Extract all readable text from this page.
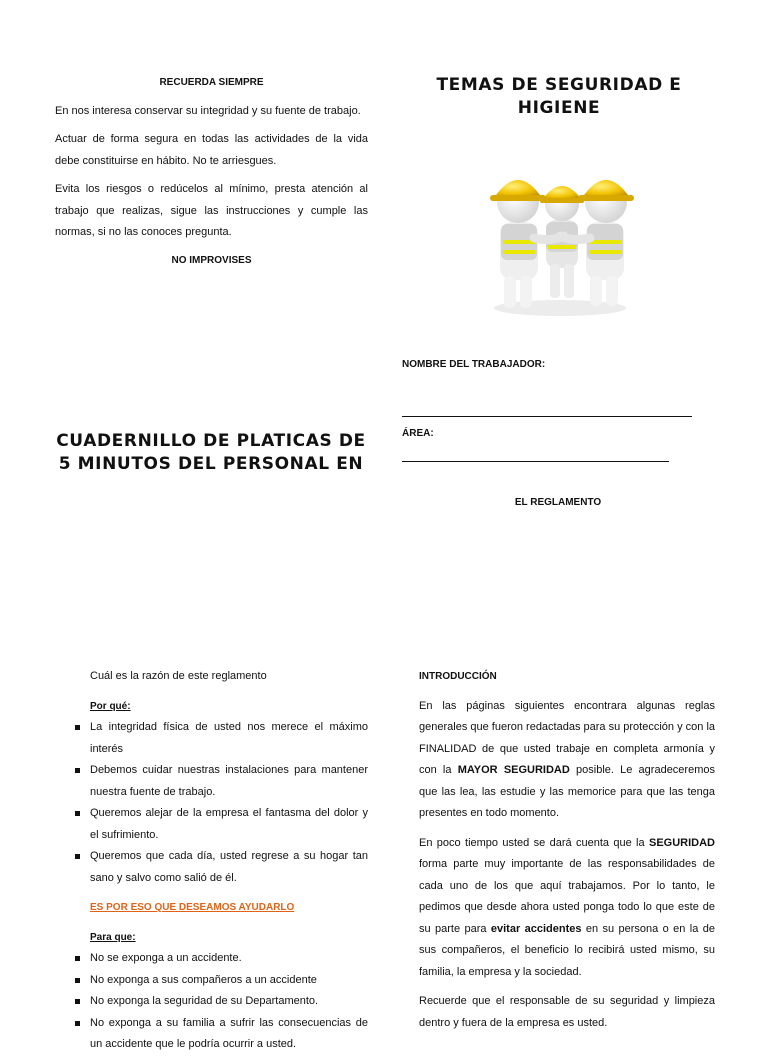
RECUERDA SIEMPRE

En nos interesa conservar su integridad y su fuente de trabajo.

Actuar de forma segura en todas las actividades de la vida debe constituirse en hábito. No te arriesgues.

Evita los riesgos o redúcelos al mínimo, presta atención al trabajo que realizas, sigue las instrucciones y cumple las normas, si no las conoces pregunta.

NO IMPROVISES

CUADERNILLO DE PLATICAS DE 5 MINUTOS DEL PERSONAL EN
TEMAS DE SEGURIDAD E HIGIENE
NOMBRE DEL TRABAJADOR:
ÁREA:
EL REGLAMENTO

Cuál es la razón de este reglamento

Por qué:

La integridad física de usted nos merece el máximo interés
Debemos cuidar nuestras instalaciones para mantener nuestra fuente de trabajo.
Queremos alejar de la empresa el fantasma del dolor y el sufrimiento.
Queremos que cada día, usted regrese a su hogar tan sano y salvo como salió de él.

ES POR ESO QUE DESEAMOS AYUDARLO

Para que:

No se exponga a un accidente.
No exponga a sus compañeros a un accidente
No exponga la seguridad de su Departamento.
No exponga a su familia a sufrir las consecuencias de un accidente que le podría ocurrir a usted.

INTRODUCCIÓN

En las páginas siguientes encontrara algunas reglas generales que fueron redactadas para su protección y con la FINALIDAD de que usted trabaje en completa armonía y con la MAYOR SEGURIDAD posible. Le agradeceremos que las lea, las estudie y las memorice para que las tenga presentes en todo momento.

En poco tiempo usted se dará cuenta que la SEGURIDAD forma parte muy importante de las responsabilidades de cada uno de los que aquí trabajamos. Por lo tanto, le pedimos que desde ahora usted ponga todo lo que este de su parte para evitar accidentes en su persona o en la de sus compañeros, el beneficio lo recibirá usted mismo, su familia, la empresa y la sociedad.

Recuerde que el responsable de su seguridad y limpieza dentro y fuera de la empresa es usted.
